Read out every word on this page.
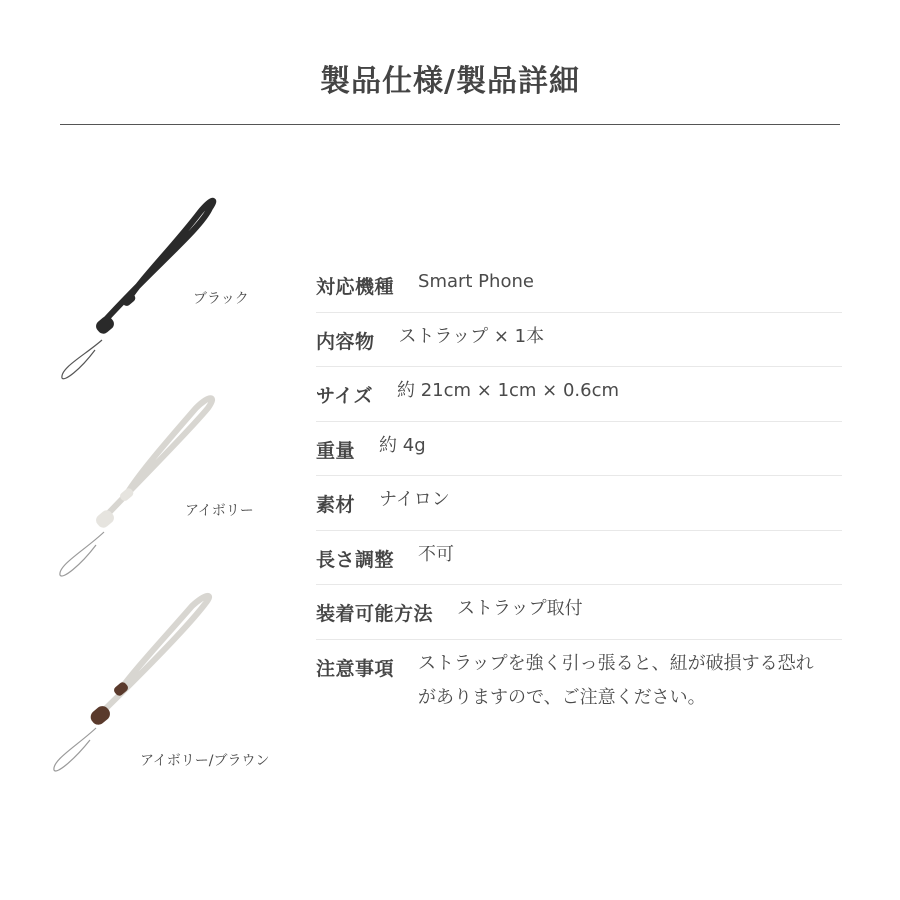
製品仕様/製品詳細
ブラック
アイボリー
アイボリー/ブラウン
対応機種 Smart Phone
内容物 ストラップ × 1本
サイズ 約 21cm × 1cm × 0.6cm
重量 約 4g
素材 ナイロン
長さ調整 不可
装着可能方法 ストラップ取付
注意事項 ストラップを強く引っ張ると、紐が破損する恐れがありますので、ご注意ください。
